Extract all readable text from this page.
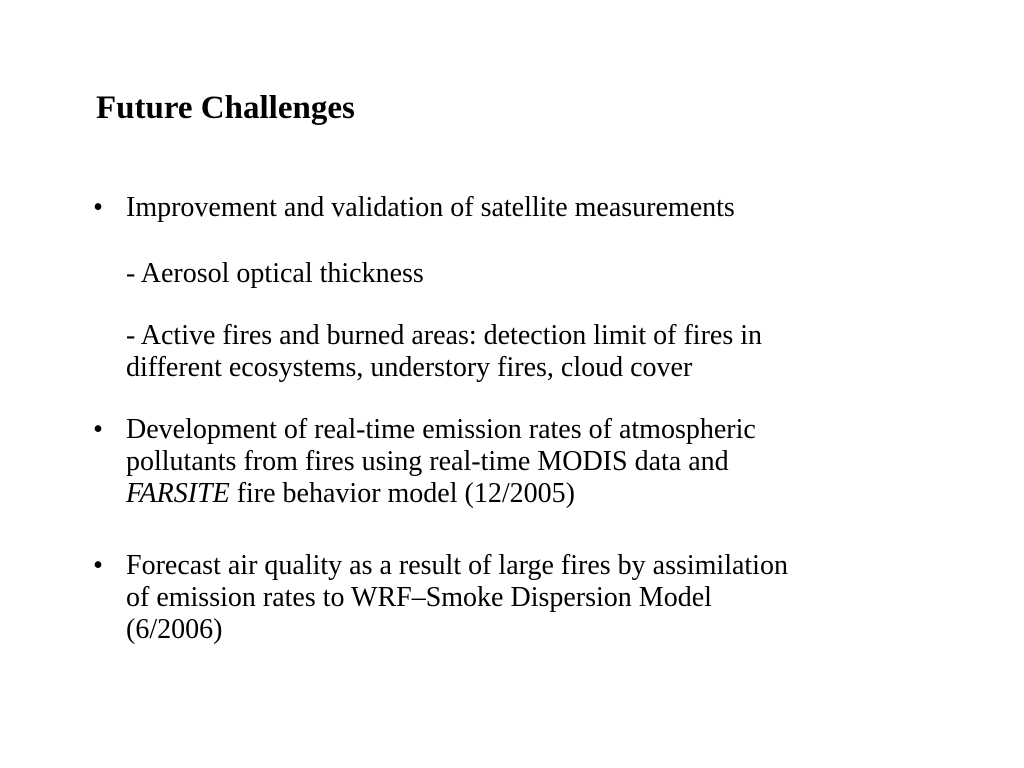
Future Challenges
• Improvement and validation of satellite measurements
- Aerosol optical thickness
- Active fires and burned areas: detection limit of fires in
different ecosystems, understory fires, cloud cover
• Development of real-time emission rates of atmospheric
pollutants from fires using real-time MODIS data and
FARSITE fire behavior model (12/2005)
• Forecast air quality as a result of large fires by assimilation
of emission rates to WRF–Smoke Dispersion Model
(6/2006)
